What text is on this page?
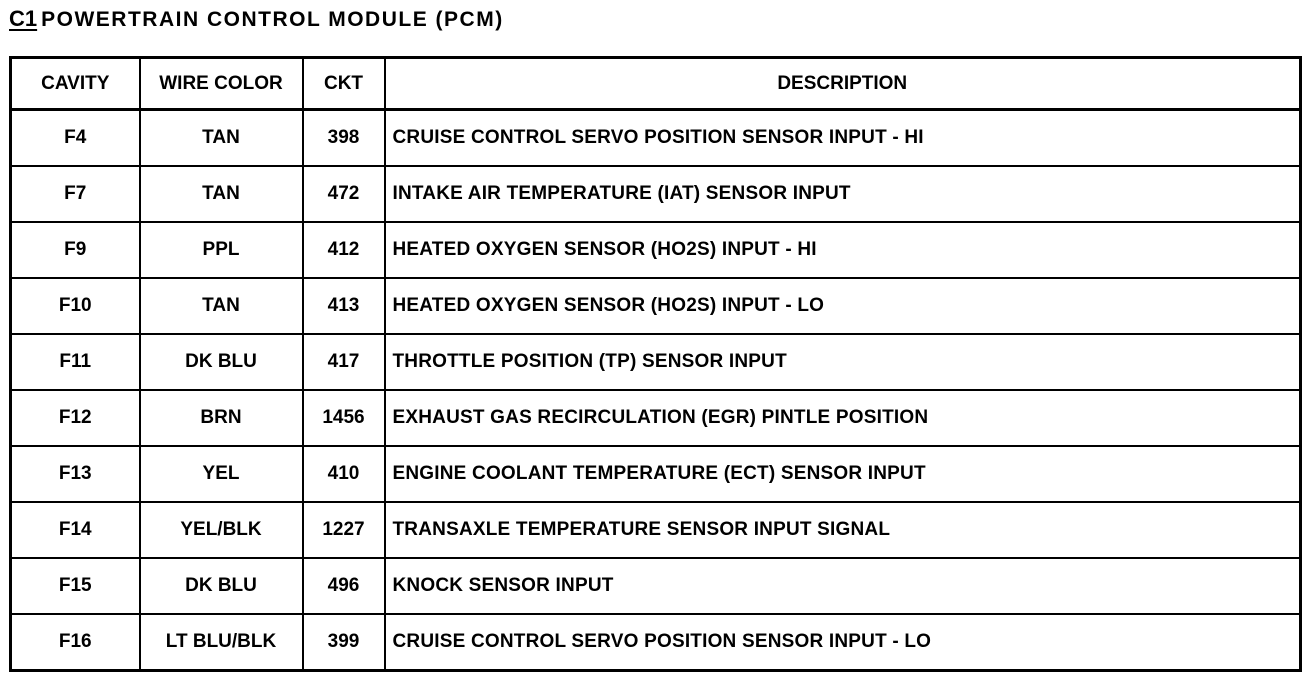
C1 POWERTRAIN CONTROL MODULE (PCM)
CAVITY	WIRE COLOR	CKT	DESCRIPTION
F4	TAN	398	CRUISE CONTROL SERVO POSITION SENSOR INPUT - HI
F7	TAN	472	INTAKE AIR TEMPERATURE (IAT) SENSOR INPUT
F9	PPL	412	HEATED OXYGEN SENSOR (HO2S) INPUT - HI
F10	TAN	413	HEATED OXYGEN SENSOR (HO2S) INPUT - LO
F11	DK BLU	417	THROTTLE POSITION (TP) SENSOR INPUT
F12	BRN	1456	EXHAUST GAS RECIRCULATION (EGR) PINTLE POSITION
F13	YEL	410	ENGINE COOLANT TEMPERATURE (ECT) SENSOR INPUT
F14	YEL/BLK	1227	TRANSAXLE TEMPERATURE SENSOR INPUT SIGNAL
F15	DK BLU	496	KNOCK SENSOR INPUT
F16	LT BLU/BLK	399	CRUISE CONTROL SERVO POSITION SENSOR INPUT - LO
